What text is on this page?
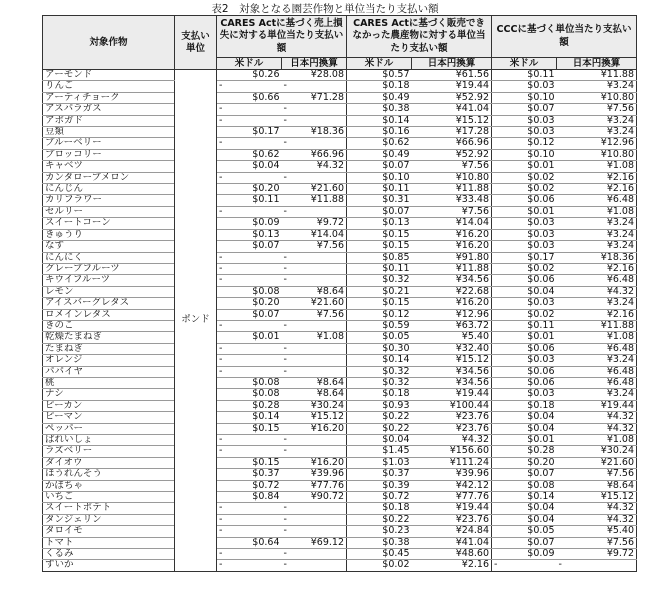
表2　対象となる園芸作物と単位当たり支払い額
対象作物	支払い単位	CARES Actに基づく売上損失に対する単位当たり支払い額		CARES Actに基づく販売できなかった農産物に対する単位当たり支払い額		CCCに基づく単位当たり支払い額	
		米ドル	日本円換算	米ドル	日本円換算	米ドル	日本円換算
アーモンド	ポンド	$0.26	¥28.08	$0.57	¥61.56	$0.11	¥11.88
りんご		-	-	$0.18	¥19.44	$0.03	¥3.24
アーティチョーク		$0.66	¥71.28	$0.49	¥52.92	$0.10	¥10.80
アスパラガス		-	-	$0.38	¥41.04	$0.07	¥7.56
アボガド		-	-	$0.14	¥15.12	$0.03	¥3.24
豆類		$0.17	¥18.36	$0.16	¥17.28	$0.03	¥3.24
ブルーベリー		-	-	$0.62	¥66.96	$0.12	¥12.96
ブロッコリー		$0.62	¥66.96	$0.49	¥52.92	$0.10	¥10.80
キャベツ		$0.04	¥4.32	$0.07	¥7.56	$0.01	¥1.08
カンタロープメロン		-	-	$0.10	¥10.80	$0.02	¥2.16
にんじん		$0.20	¥21.60	$0.11	¥11.88	$0.02	¥2.16
カリフラワー		$0.11	¥11.88	$0.31	¥33.48	$0.06	¥6.48
セルリー		-	-	$0.07	¥7.56	$0.01	¥1.08
スイートコーン		$0.09	¥9.72	$0.13	¥14.04	$0.03	¥3.24
きゅうり		$0.13	¥14.04	$0.15	¥16.20	$0.03	¥3.24
なす		$0.07	¥7.56	$0.15	¥16.20	$0.03	¥3.24
にんにく		-	-	$0.85	¥91.80	$0.17	¥18.36
グレープフルーツ		-	-	$0.11	¥11.88	$0.02	¥2.16
キウイフルーツ		-	-	$0.32	¥34.56	$0.06	¥6.48
レモン		$0.08	¥8.64	$0.21	¥22.68	$0.04	¥4.32
アイスバーグレタス		$0.20	¥21.60	$0.15	¥16.20	$0.03	¥3.24
ロメインレタス		$0.07	¥7.56	$0.12	¥12.96	$0.02	¥2.16
きのこ		-	-	$0.59	¥63.72	$0.11	¥11.88
乾燥たまねぎ		$0.01	¥1.08	$0.05	¥5.40	$0.01	¥1.08
たまねぎ		-	-	$0.30	¥32.40	$0.06	¥6.48
オレンジ		-	-	$0.14	¥15.12	$0.03	¥3.24
パパイヤ		-	-	$0.32	¥34.56	$0.06	¥6.48
桃		$0.08	¥8.64	$0.32	¥34.56	$0.06	¥6.48
ナシ		$0.08	¥8.64	$0.18	¥19.44	$0.03	¥3.24
ピーカン		$0.28	¥30.24	$0.93	¥100.44	$0.18	¥19.44
ピーマン		$0.14	¥15.12	$0.22	¥23.76	$0.04	¥4.32
ペッパー		$0.15	¥16.20	$0.22	¥23.76	$0.04	¥4.32
ばれいしょ		-	-	$0.04	¥4.32	$0.01	¥1.08
ラズベリー		-	-	$1.45	¥156.60	$0.28	¥30.24
ダイオウ		$0.15	¥16.20	$1.03	¥111.24	$0.20	¥21.60
ほうれんそう		$0.37	¥39.96	$0.37	¥39.96	$0.07	¥7.56
かぼちゃ		$0.72	¥77.76	$0.39	¥42.12	$0.08	¥8.64
いちご		$0.84	¥90.72	$0.72	¥77.76	$0.14	¥15.12
スイートポテト		-	-	$0.18	¥19.44	$0.04	¥4.32
タンジェリン		-	-	$0.22	¥23.76	$0.04	¥4.32
タロイモ		-	-	$0.23	¥24.84	$0.05	¥5.40
トマト		$0.64	¥69.12	$0.38	¥41.04	$0.07	¥7.56
くるみ		-	-	$0.45	¥48.60	$0.09	¥9.72
すいか		-	-	$0.02	¥2.16	-	-
